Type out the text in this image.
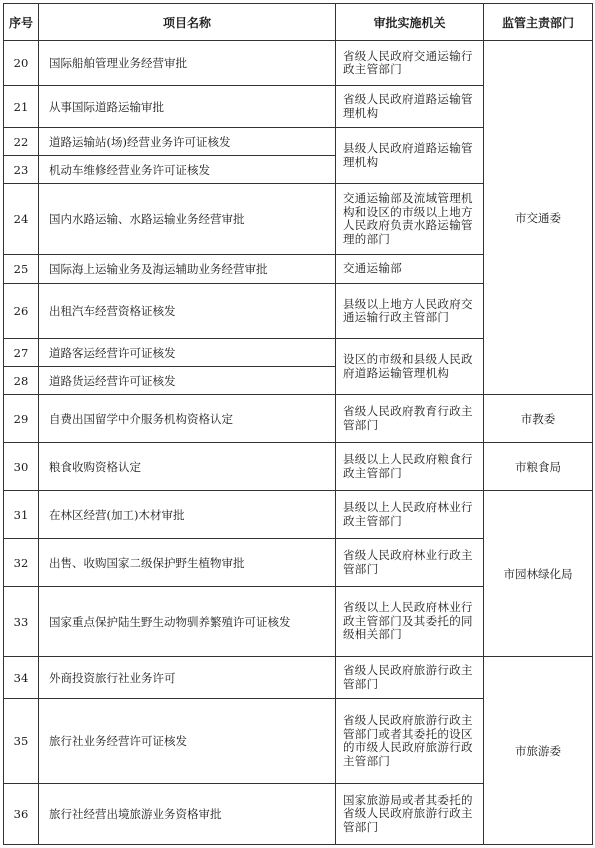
序号	项目名称	审批实施机关	监管主责部门
20	国际船舶管理业务经营审批	省级人民政府交通运输行政主管部门	市交通委
21	从事国际道路运输审批	省级人民政府道路运输管理机构	
22	道路运输站(场)经营业务许可证核发	县级人民政府道路运输管理机构	
23	机动车维修经营业务许可证核发		
24	国内水路运输、水路运输业务经营审批	交通运输部及流域管理机构和设区的市级以上地方人民政府负责水路运输管理的部门	
25	国际海上运输业务及海运辅助业务经营审批	交通运输部	
26	出租汽车经营资格证核发	县级以上地方人民政府交通运输行政主管部门	
27	道路客运经营许可证核发	设区的市级和县级人民政府道路运输管理机构	
28	道路货运经营许可证核发		
29	自费出国留学中介服务机构资格认定	省级人民政府教育行政主管部门	市教委
30	粮食收购资格认定	县级以上人民政府粮食行政主管部门	市粮食局
31	在林区经营(加工)木材审批	县级以上人民政府林业行政主管部门	市园林绿化局
32	出售、收购国家二级保护野生植物审批	省级人民政府林业行政主管部门	
33	国家重点保护陆生野生动物驯养繁殖许可证核发	省级以上人民政府林业行政主管部门及其委托的同级相关部门	
34	外商投资旅行社业务许可	省级人民政府旅游行政主管部门	市旅游委
35	旅行社业务经营许可证核发	省级人民政府旅游行政主管部门或者其委托的设区的市级人民政府旅游行政主管部门	
36	旅行社经营出境旅游业务资格审批	国家旅游局或者其委托的省级人民政府旅游行政主管部门	
